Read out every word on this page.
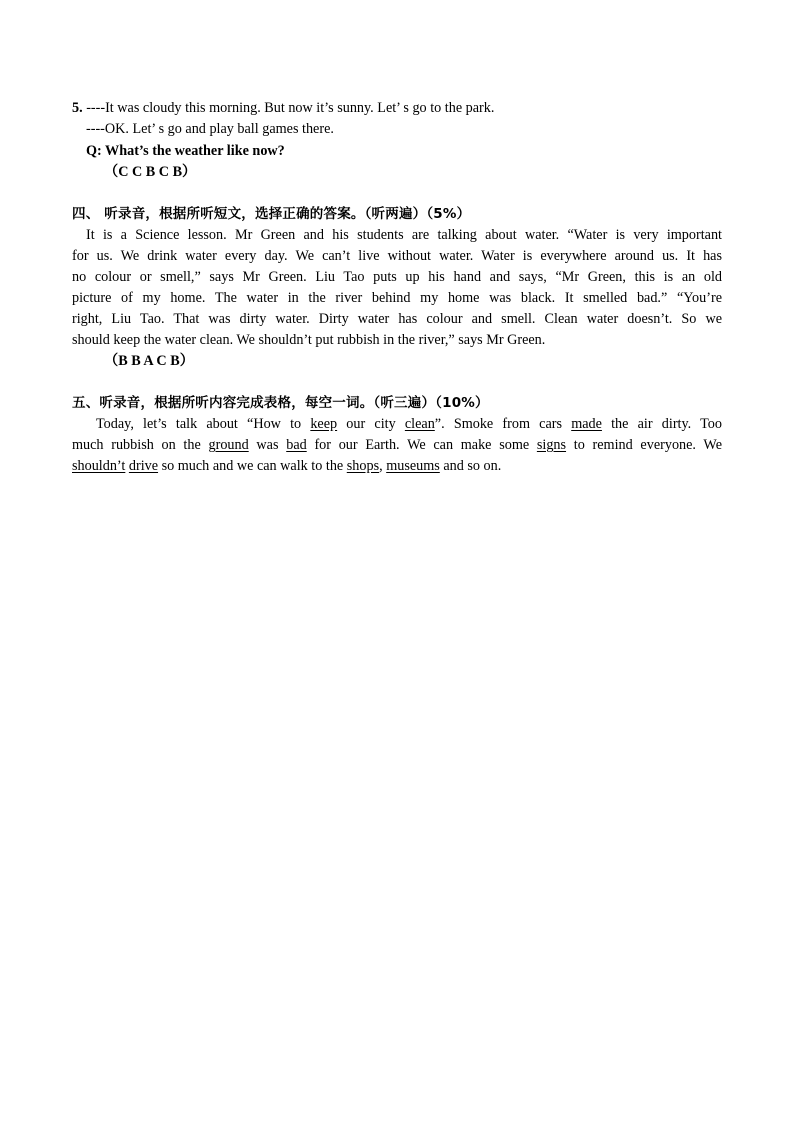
5. ----It was cloudy this morning. But now it’s sunny. Let’ s go to the park.
----OK. Let’ s go and play ball games there.
Q: What’s the weather like now?
（C C B C B）
四、 听录音，根据所听短文，选择正确的答案。（听两遍）（5%）
It is a Science lesson. Mr Green and his students are talking about water. “Water is very important
for us. We drink water every day. We can’t live without water. Water is everywhere around us. It has
no colour or smell,” says Mr Green. Liu Tao puts up his hand and says, “Mr Green, this is an old
picture of my home. The water in the river behind my home was black. It smelled bad.” “You’re
right, Liu Tao. That was dirty water. Dirty water has colour and smell. Clean water doesn’t. So we
should keep the water clean. We shouldn’t put rubbish in the river,” says Mr Green.
（B B A C B）
五、听录音，根据所听内容完成表格，每空一词。（听三遍）（10%）
Today, let’s talk about “How to keep our city clean”. Smoke from cars made the air dirty. Too
much rubbish on the ground was bad for our Earth. We can make some signs to remind everyone. We
shouldn’t drive so much and we can walk to the shops, museums and so on.
